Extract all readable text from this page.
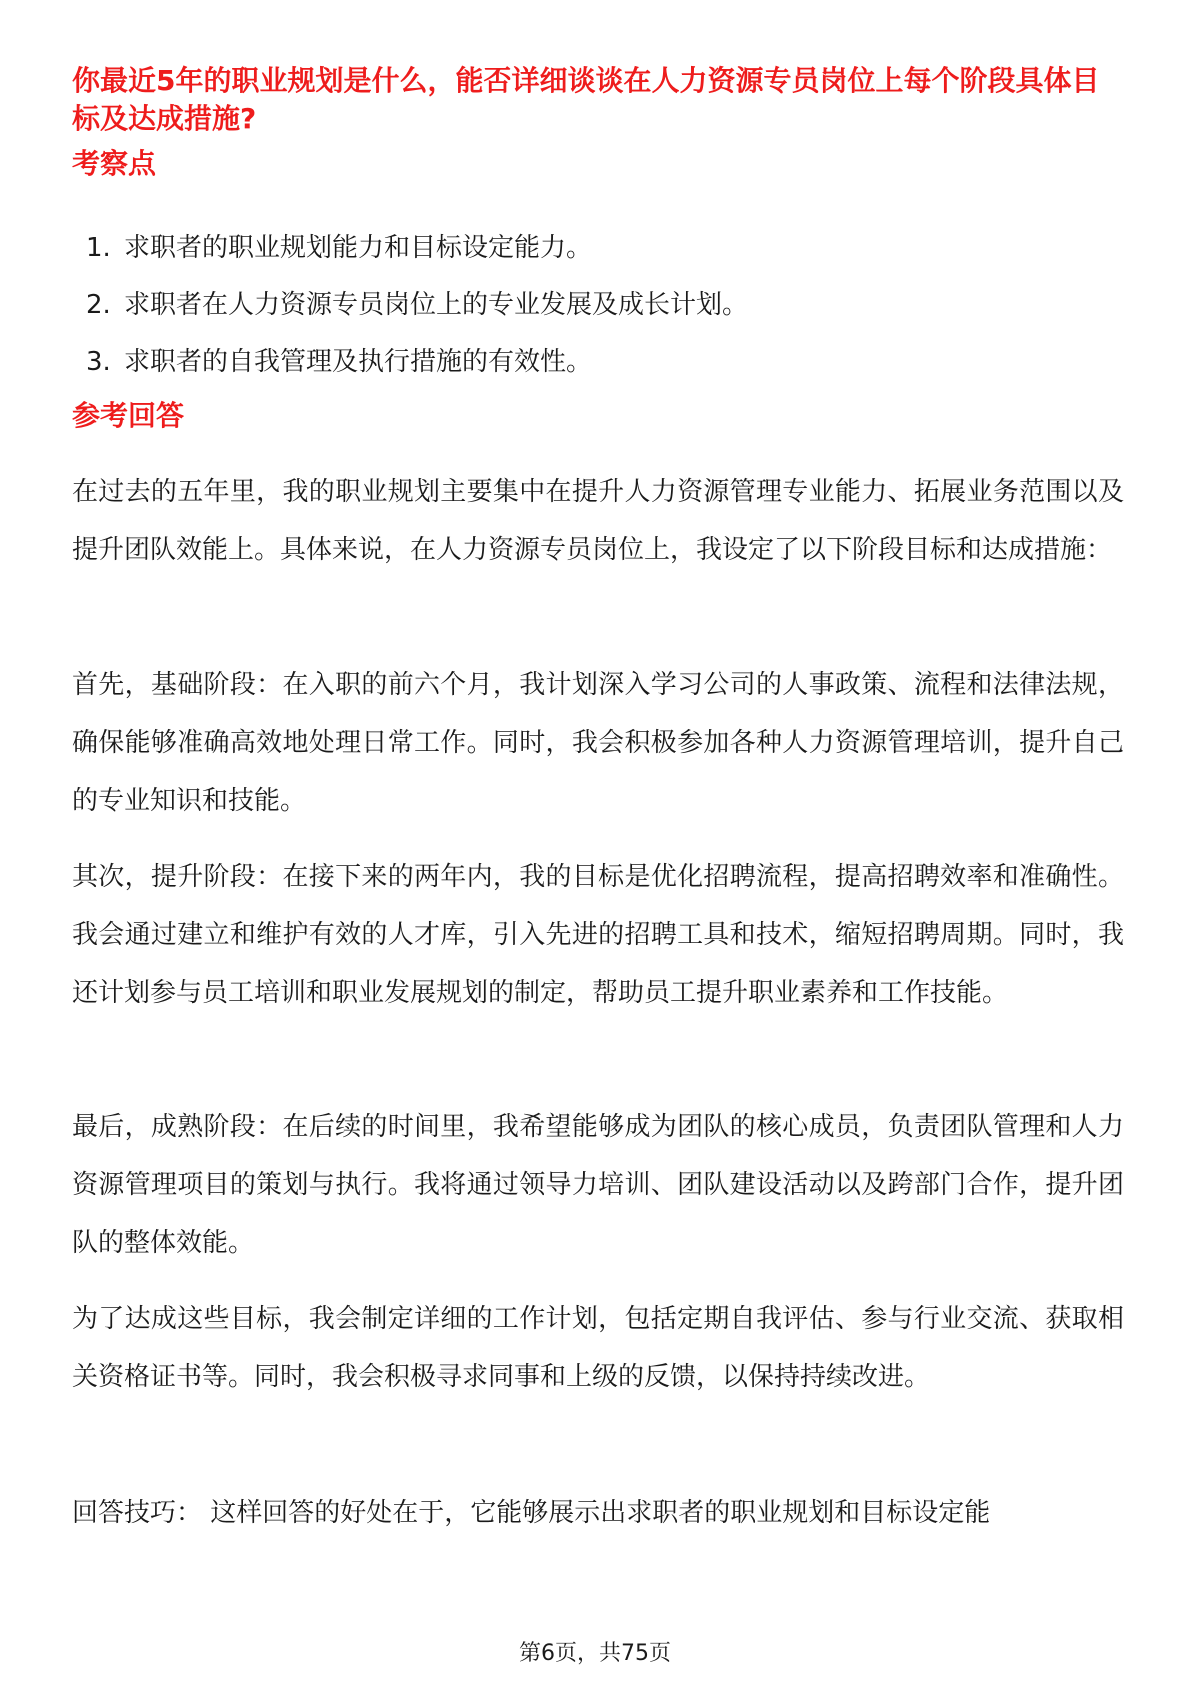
你最近5年的职业规划是什么，能否详细谈谈在人力资源专员岗位上每个阶段具体目标及达成措施?
考察点
1. 求职者的职业规划能力和目标设定能力。
2. 求职者在人力资源专员岗位上的专业发展及成长计划。
3. 求职者的自我管理及执行措施的有效性。
参考回答

在过去的五年里，我的职业规划主要集中在提升人力资源管理专业能力、拓展业务范围以及提升团队效能上。具体来说，在人力资源专员岗位上，我设定了以下阶段目标和达成措施：

首先，基础阶段：在入职的前六个月，我计划深入学习公司的人事政策、流程和法律法规，确保能够准确高效地处理日常工作。同时，我会积极参加各种人力资源管理培训，提升自己的专业知识和技能。

其次，提升阶段：在接下来的两年内，我的目标是优化招聘流程，提高招聘效率和准确性。我会通过建立和维护有效的人才库，引入先进的招聘工具和技术，缩短招聘周期。同时，我还计划参与员工培训和职业发展规划的制定，帮助员工提升职业素养和工作技能。

最后，成熟阶段：在后续的时间里，我希望能够成为团队的核心成员，负责团队管理和人力资源管理项目的策划与执行。我将通过领导力培训、团队建设活动以及跨部门合作，提升团队的整体效能。

为了达成这些目标，我会制定详细的工作计划，包括定期自我评估、参与行业交流、获取相关资格证书等。同时，我会积极寻求同事和上级的反馈，以保持持续改进。

回答技巧： 这样回答的好处在于，它能够展示出求职者的职业规划和目标设定能

第6页，共75页
